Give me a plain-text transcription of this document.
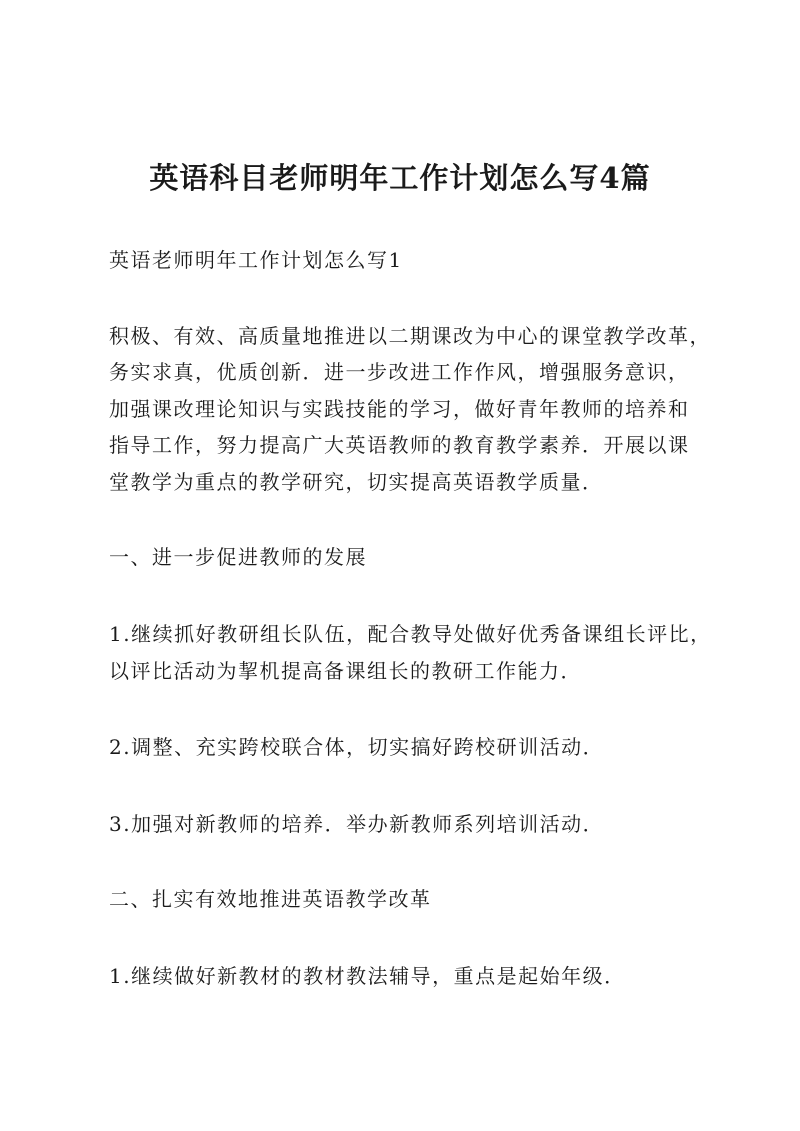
英语科目老师明年工作计划怎么写4篇
英语老师明年工作计划怎么写1
积极、有效、高质量地推进以二期课改为中心的课堂教学改革，
务实求真，优质创新．进一步改进工作作风，增强服务意识，
加强课改理论知识与实践技能的学习，做好青年教师的培养和
指导工作，努力提高广大英语教师的教育教学素养．开展以课
堂教学为重点的教学研究，切实提高英语教学质量．
一、进一步促进教师的发展
1.继续抓好教研组长队伍，配合教导处做好优秀备课组长评比，
以评比活动为挈机提高备课组长的教研工作能力．
2.调整、充实跨校联合体，切实搞好跨校研训活动．
3.加强对新教师的培养．举办新教师系列培训活动．
二、扎实有效地推进英语教学改革
1.继续做好新教材的教材教法辅导，重点是起始年级．
